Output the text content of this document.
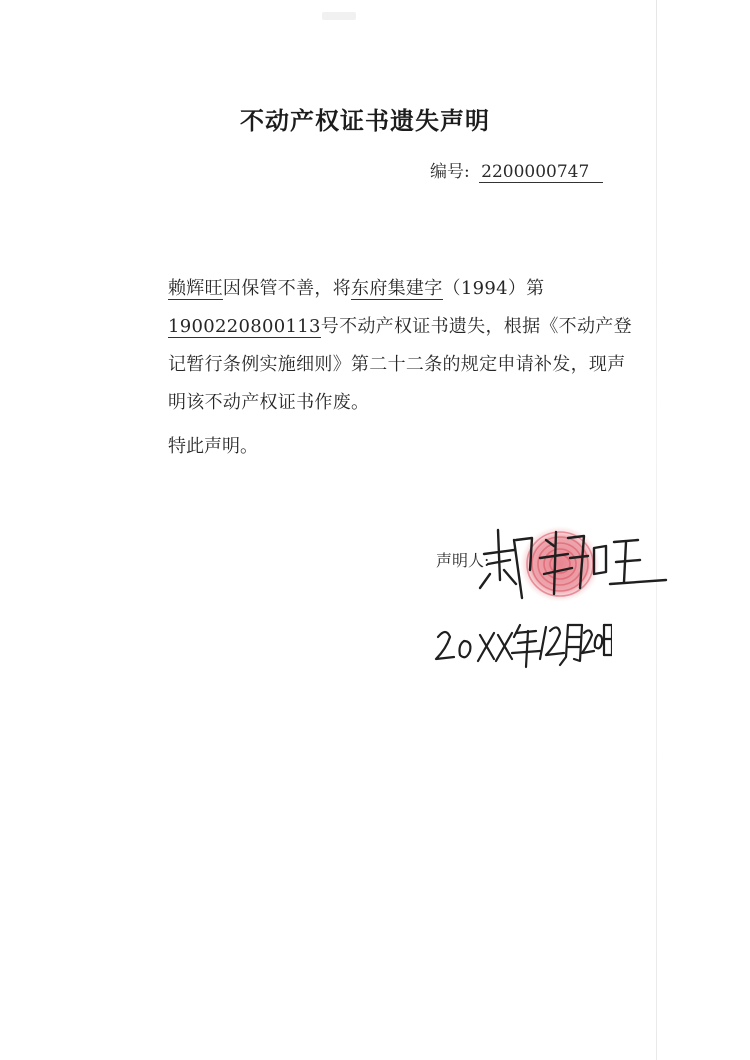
不动产权证书遗失声明
编号: 2200000747

赖辉旺因保管不善，将东府集建字（1994）第1900220800113号不动产权证书遗失，根据《不动产登记暂行条例实施细则》第二十二条的规定申请补发，现声明该不动产权证书作废。

特此声明。
声明人:
